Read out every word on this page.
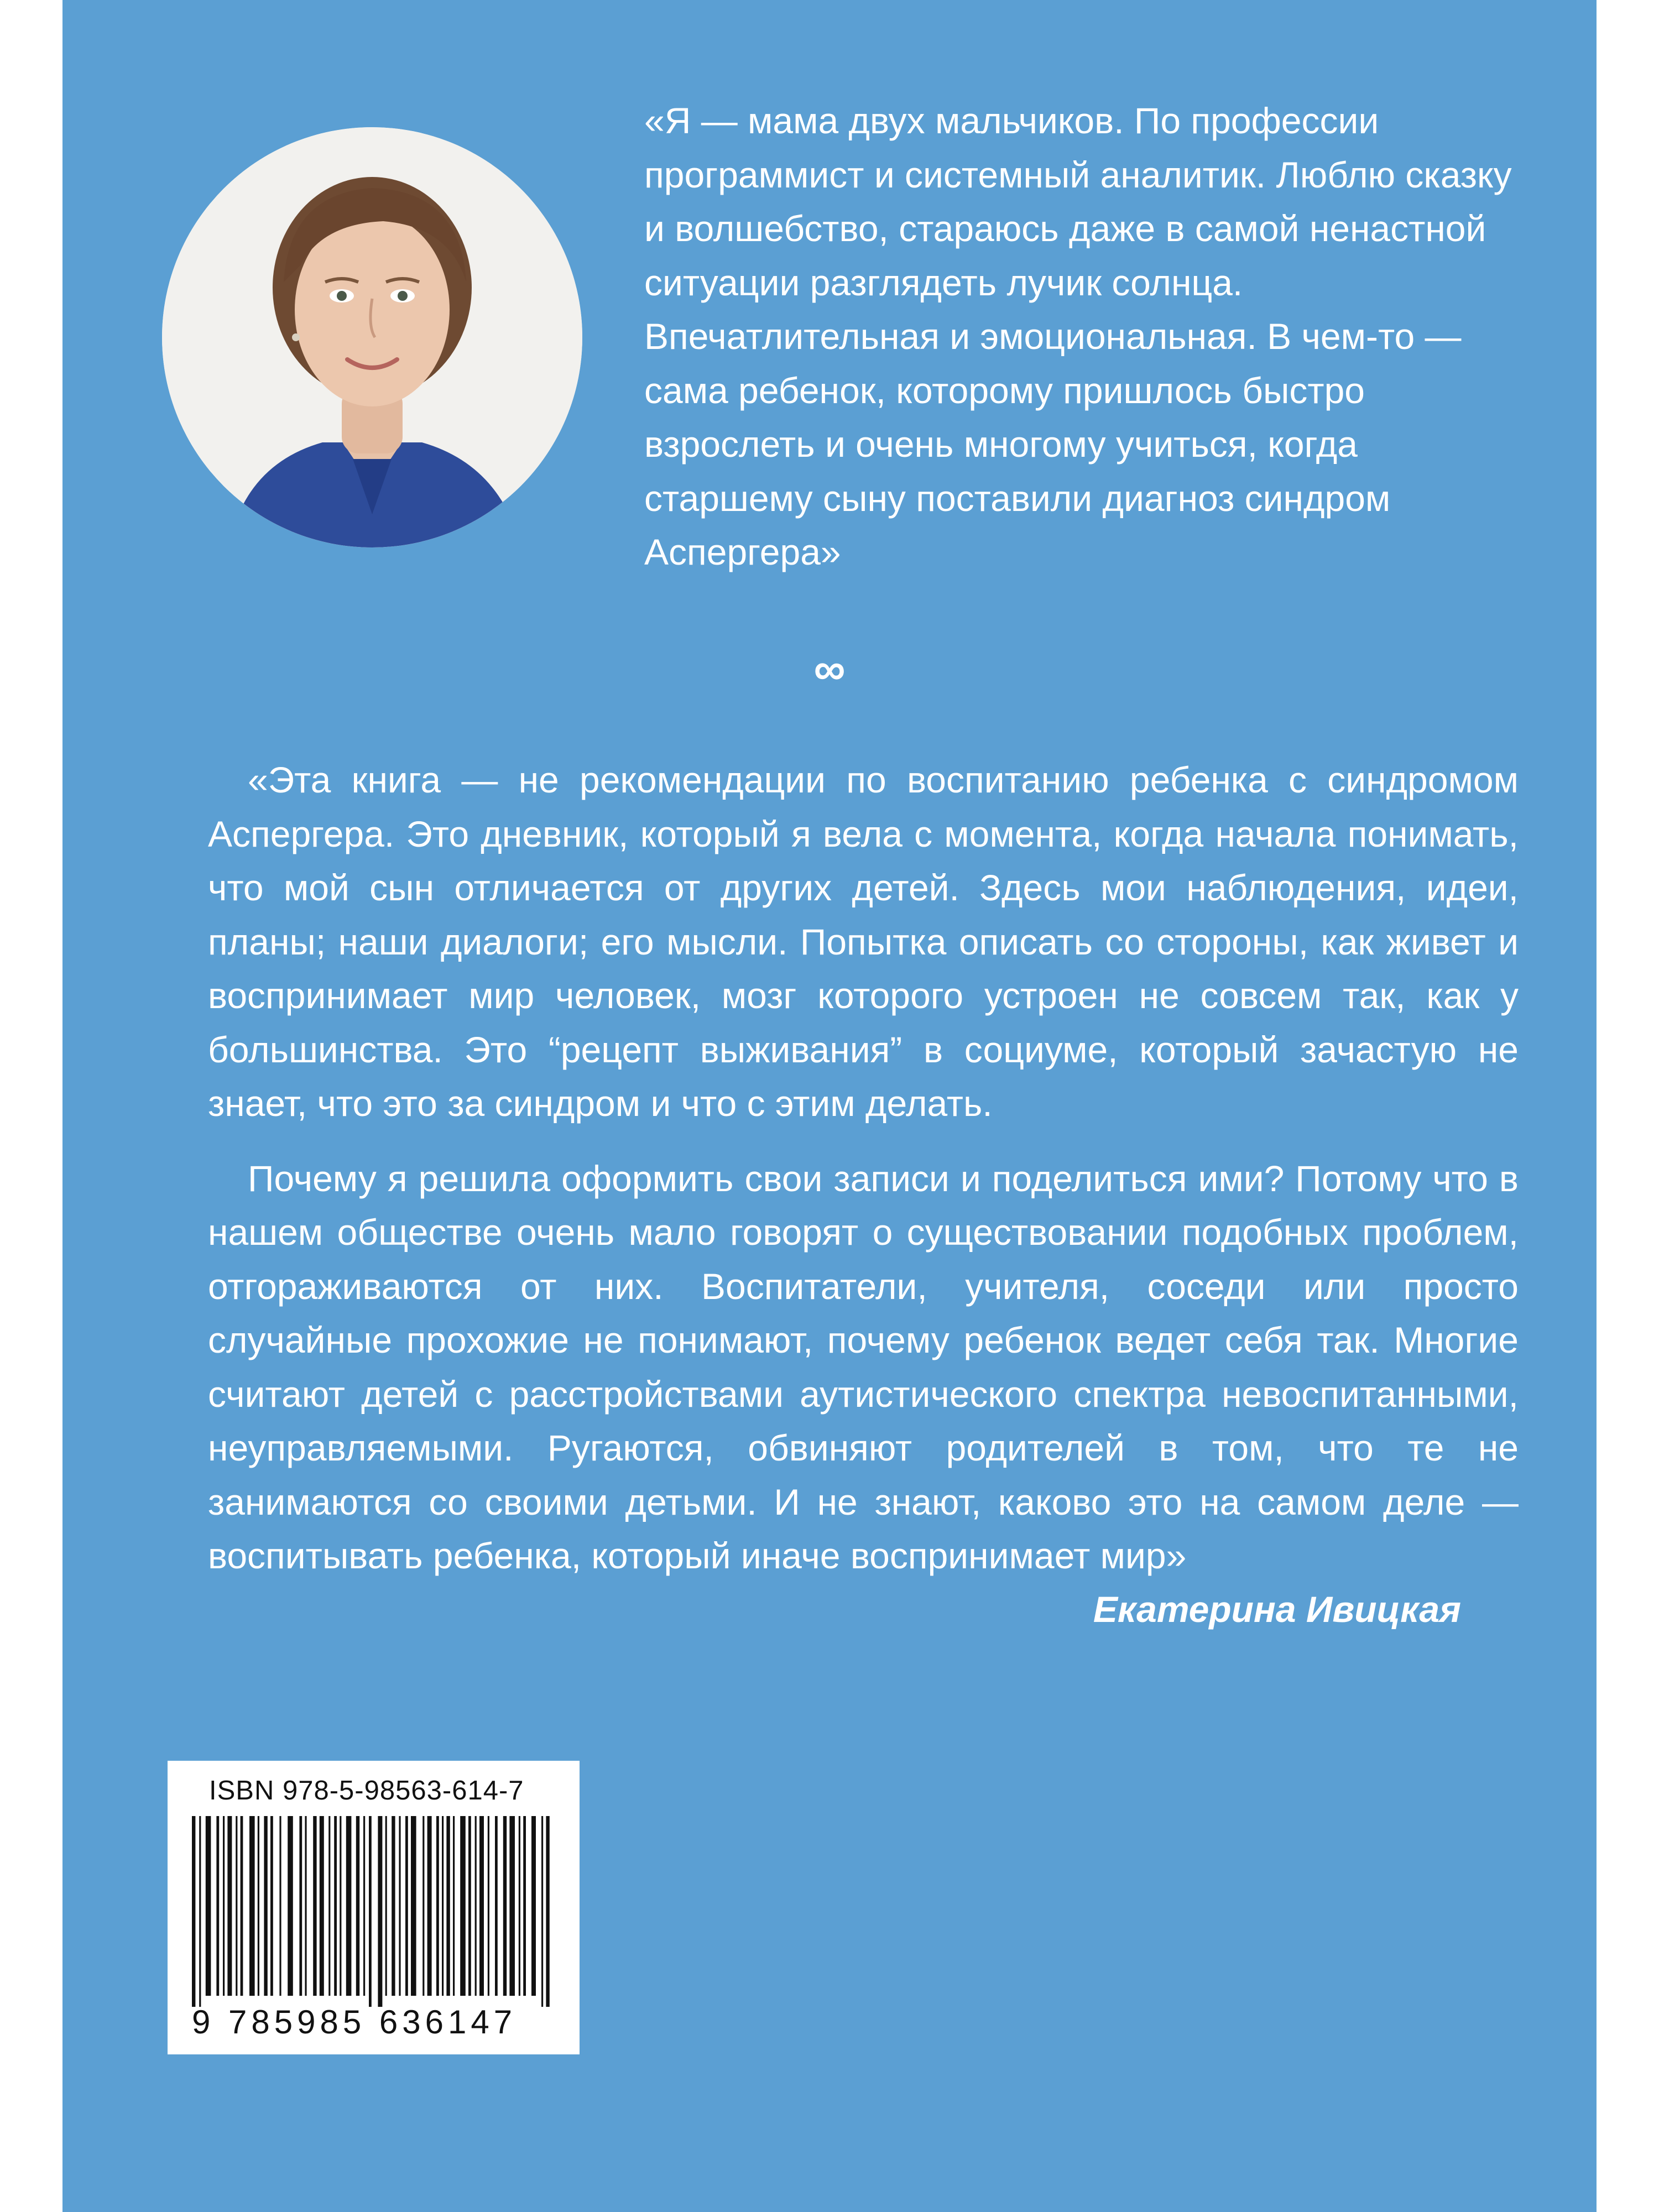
«Я — мама двух мальчиков. По профессии программист и системный аналитик. Люблю сказку и волшебство, стараюсь даже в самой ненастной ситуации разглядеть лучик солнца. Впечатлительная и эмоциональная. В чем-то — сама ребенок, которому пришлось быстро взрослеть и очень многому учиться, когда старшему сыну поставили диагноз синдром Аспергера»

∞

«Эта книга — не рекомендации по воспитанию ребенка с синдромом Аспергера. Это дневник, который я вела с момента, когда начала понимать, что мой сын отличается от других детей. Здесь мои наблюдения, идеи, планы; наши диалоги; его мысли. Попытка описать со стороны, как живет и воспринимает мир человек, мозг которого устроен не совсем так, как у большинства. Это “рецепт выживания” в социуме, который зачастую не знает, что это за синдром и что с этим делать.

Почему я решила оформить свои записи и поделиться ими? Потому что в нашем обществе очень мало говорят о существовании подобных проблем, отгораживаются от них. Воспитатели, учителя, соседи или просто случайные прохожие не понимают, почему ребенок ведет себя так. Многие считают детей с расстройствами аутистического спектра невоспитанными, неуправляемыми. Ругаются, обвиняют родителей в том, что те не занимаются со своими детьми. И не знают, каково это на самом деле — воспитывать ребенка, который иначе воспринимает мир»

Екатерина Ивицкая
ISBN 978-5-98563-614-7
9 785985 636147
